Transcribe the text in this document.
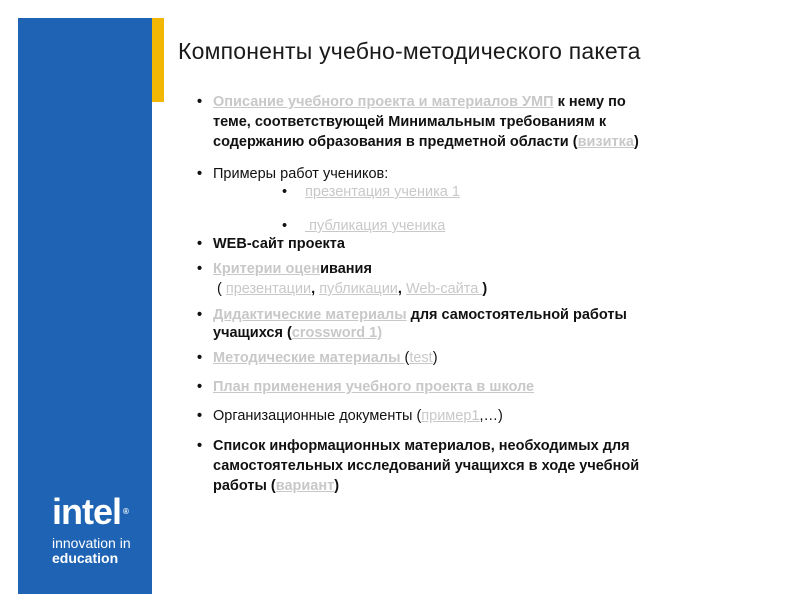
Компоненты учебно-методического пакета
intel ®
innovation in
education
• Описание учебного проекта и материалов УМП к нему по
теме, соответствующей Минимальным требованиям к
содержанию образования в предметной области (визитка)
• Примеры работ учеников:
• презентация ученика 1
• публикация ученика
• WEB-сайт проекта
• Критерии оценивания
( презентации, публикации, Web-сайта )
• Дидактические материалы для самостоятельной работы
учащихся (crossword 1)
• Методические материалы (test)
• План применения учебного проекта в школе
• Организационные документы (пример1,…)
• Список информационных материалов, необходимых для
самостоятельных исследований учащихся в ходе учебной
работы (вариант)
